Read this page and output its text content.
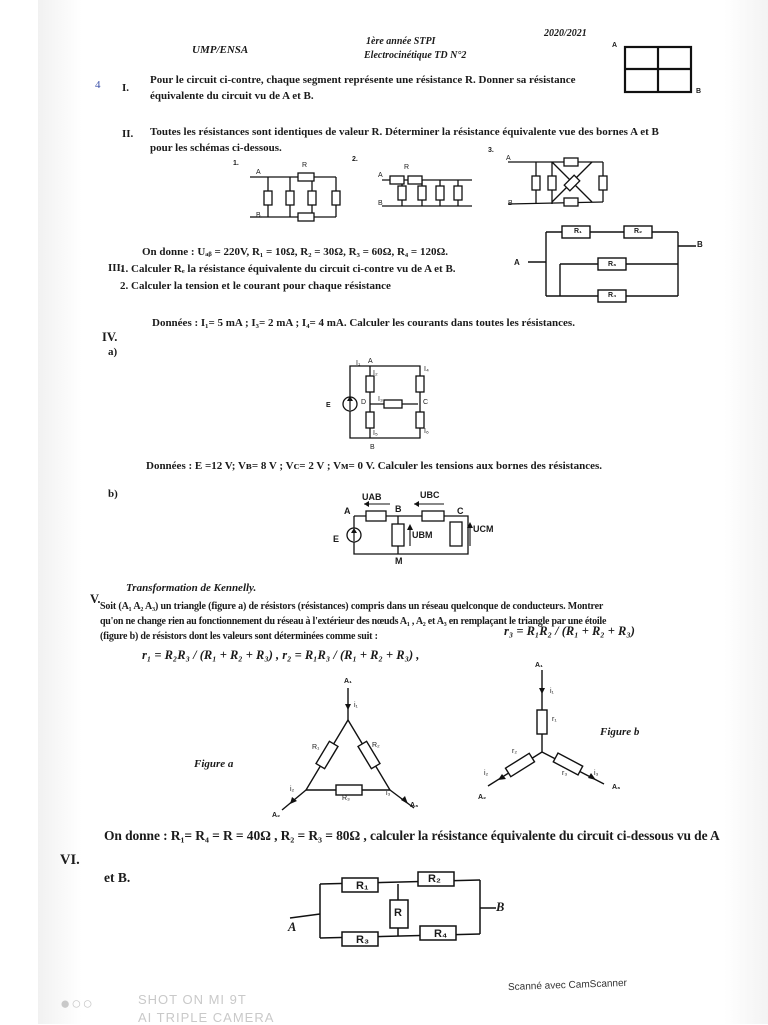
UMP/ENSA
1ère année STPI
Electrocinétique TD N°2
2020/2021
4 I.
Pour le circuit ci-contre, chaque segment représente une résistance R. Donner sa résistance
équivalente du circuit vu de A et B.
A
B
II. Toutes les résistances sont identiques de valeur R. Déterminer la résistance équivalente vue des bornes A et B
pour les schémas ci-dessous.
1.	R
A
B
2.
R
A
B
3.
A
B
III.
On donne : Uₐᵦ = 220V, R₁ = 10Ω, R₂ = 30Ω, R₃ = 60Ω, R₄ = 120Ω.
1. Calculer Rₑ la résistance équivalente du circuit ci-contre vu de A et B.
2. Calculer la tension et le courant pour chaque résistance
R₁	R₂
R₃
R₄
A
B
IV.
a)
Données : I₁= 5 mA ; I₃= 2 mA ; I₄= 4 mA. Calculer les courants dans toutes les résistances.
E
A
B
C
D
I₁
I₂
I₃
I₄
I₅	I₆
b)
Données : E =12 V; Vʙ= 8 V ; Vᴄ= 2 V ; Vᴍ= 0 V. Calculer les tensions aux bornes des résistances.
A	B	C
E
M
UAB	UBC
UBM
UCM
V.
Transformation de Kennelly.
Soit (A₁ A₂ A₃) un triangle (figure a) de résistors (résistances) compris dans un réseau quelconque de conducteurs. Montrer
qu'on ne change rien au fonctionnement du réseau à l'extérieur des nœuds A₁ , A₂ et A₃ en remplaçant le triangle par une étoile
(figure b) de résistors dont les valeurs sont déterminées comme suit :	r₃ = R₁R₂ / (R₁ + R₂ + R₃)
r₁ = R₂R₃ / (R₁ + R₂ + R₃) , r₂ = R₁R₃ / (R₁ + R₂ + R₃) ,
A₁
A₂
A₃
i₁
i₂
i₃
R₁	R₂
R₃
Figure a
A₁
A₂
A₃
i₁
i₂	i₃
r₁
r₂
r₃
Figure b
VI.
On donne : R₁= R₄ = R = 40Ω , R₂ = R₃ = 80Ω , calculer la résistance équivalente du circuit ci-dessous vu de A
et B.
R₁
R₂
R
R₃	R₄
A
B
Scanné avec CamScanner
●○○	SHOT ON MI 9T
AI TRIPLE CAMERA
